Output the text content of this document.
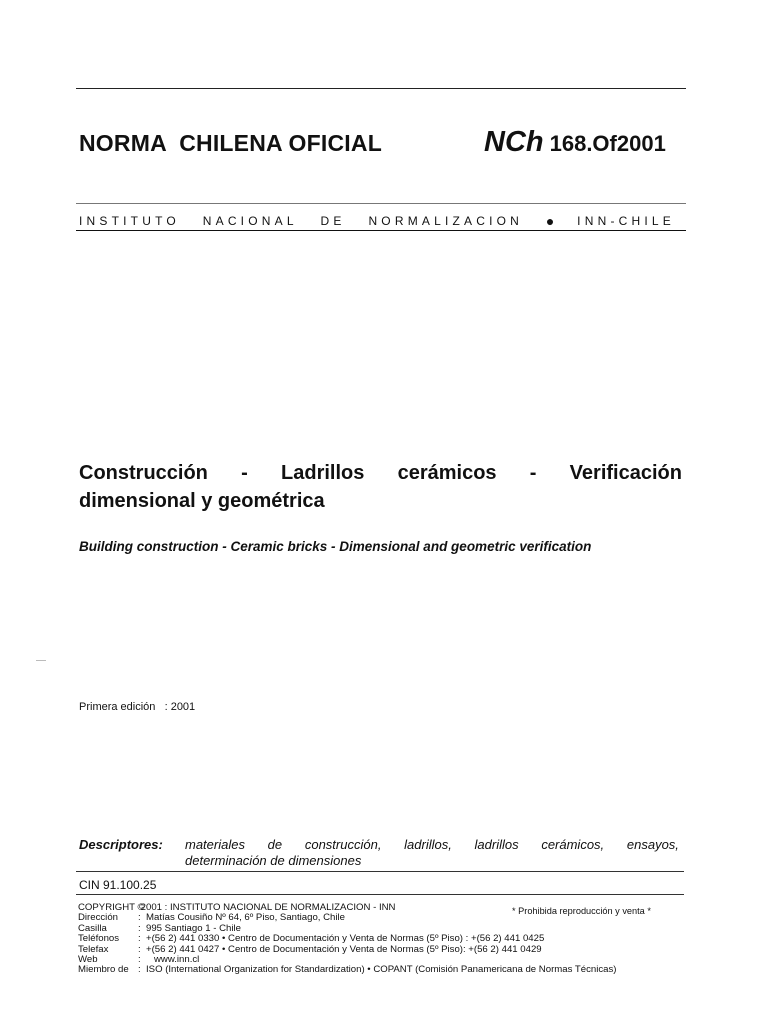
NORMA  CHILENA OFICIAL	NCh 168.Of2001
INSTITUTO NACIONAL DE NORMALIZACION ● INN-CHILE
Construcción - Ladrillos cerámicos - Verificación
dimensional y geométrica
Building construction - Ceramic bricks - Dimensional and geometric verification
Primera edición   : 2001
Descriptores: materiales de construcción, ladrillos, ladrillos cerámicos, ensayos,
determinación de dimensiones
CIN 91.100.25
COPYRIGHT ©
2001 : INSTITUTO NACIONAL DE NORMALIZACION - INN
Dirección	: Matías Cousiño Nº 64, 6º Piso, Santiago, Chile
Casilla	: 995 Santiago 1 - Chile
Teléfonos	: +(56 2) 441 0330 • Centro de Documentación y Venta de Normas (5º Piso) : +(56 2) 441 0425
Telefax	: +(56 2) 441 0427 • Centro de Documentación y Venta de Normas (5º Piso): +(56 2) 441 0429
Web	: www.inn.cl
Miembro de : ISO (International Organization for Standardization) • COPANT (Comisión Panamericana de Normas Técnicas)
* Prohibida reproducción y venta *
